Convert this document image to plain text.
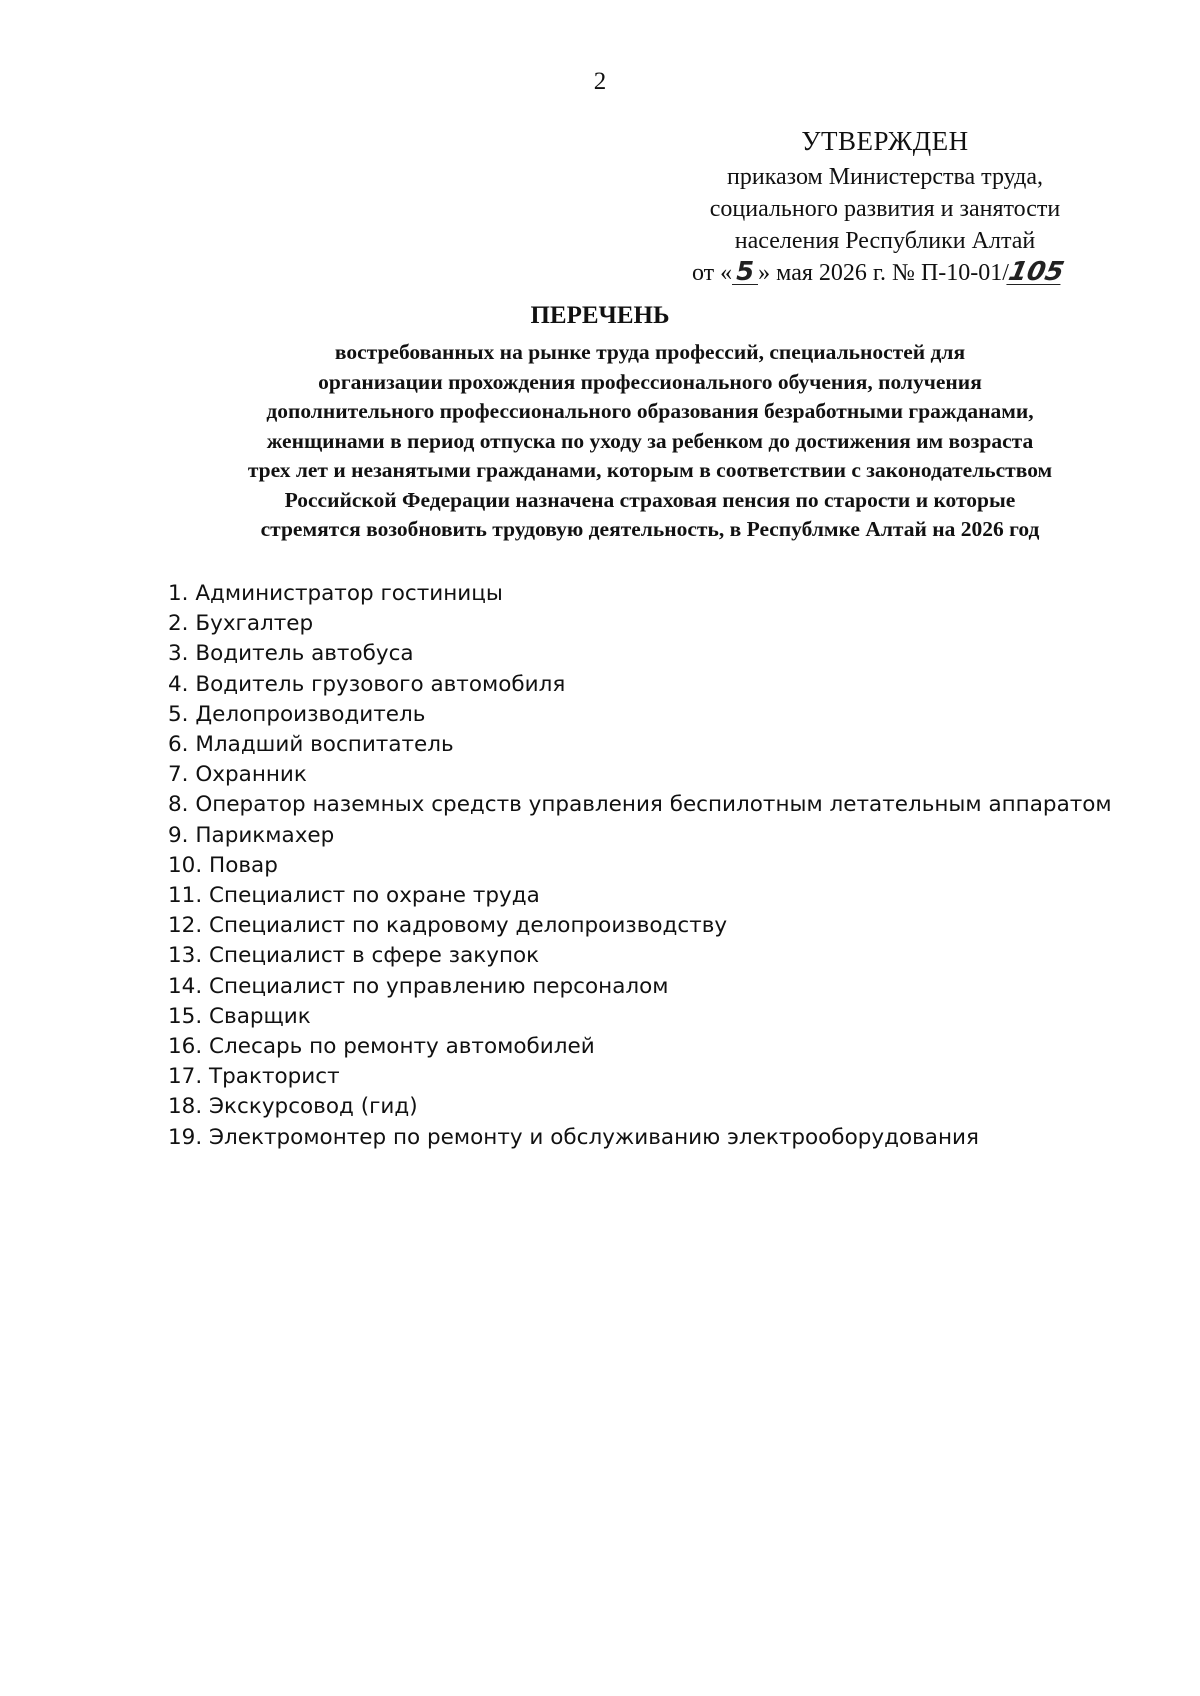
2
УТВЕРЖДЕН
приказом Министерства труда,
социального развития и занятости
населения Республики Алтай
от « 5 » мая 2026 г. № П-10-01/105
ПЕРЕЧЕНЬ
востребованных на рынке труда профессий, специальностей для
организации прохождения профессионального обучения, получения
дополнительного профессионального образования безработными гражданами,
женщинами в период отпуска по уходу за ребенком до достижения им возраста
трех лет и незанятыми гражданами, которым в соответствии с законодательством
Российской Федерации назначена страховая пенсия по старости и которые
стремятся возобновить трудовую деятельность, в Республмке Алтай на 2026 год
1. Администратор гостиницы
2. Бухгалтер
3. Водитель автобуса
4. Водитель грузового автомобиля
5. Делопроизводитель
6. Младший воспитатель
7. Охранник
8. Оператор наземных средств управления беспилотным летательным аппаратом
9. Парикмахер
10. Повар
11. Специалист по охране труда
12. Специалист по кадровому делопроизводству
13. Специалист в сфере закупок
14. Специалист по управлению персоналом
15. Сварщик
16. Слесарь по ремонту автомобилей
17. Тракторист
18. Экскурсовод (гид)
19. Электромонтер по ремонту и обслуживанию электрооборудования
